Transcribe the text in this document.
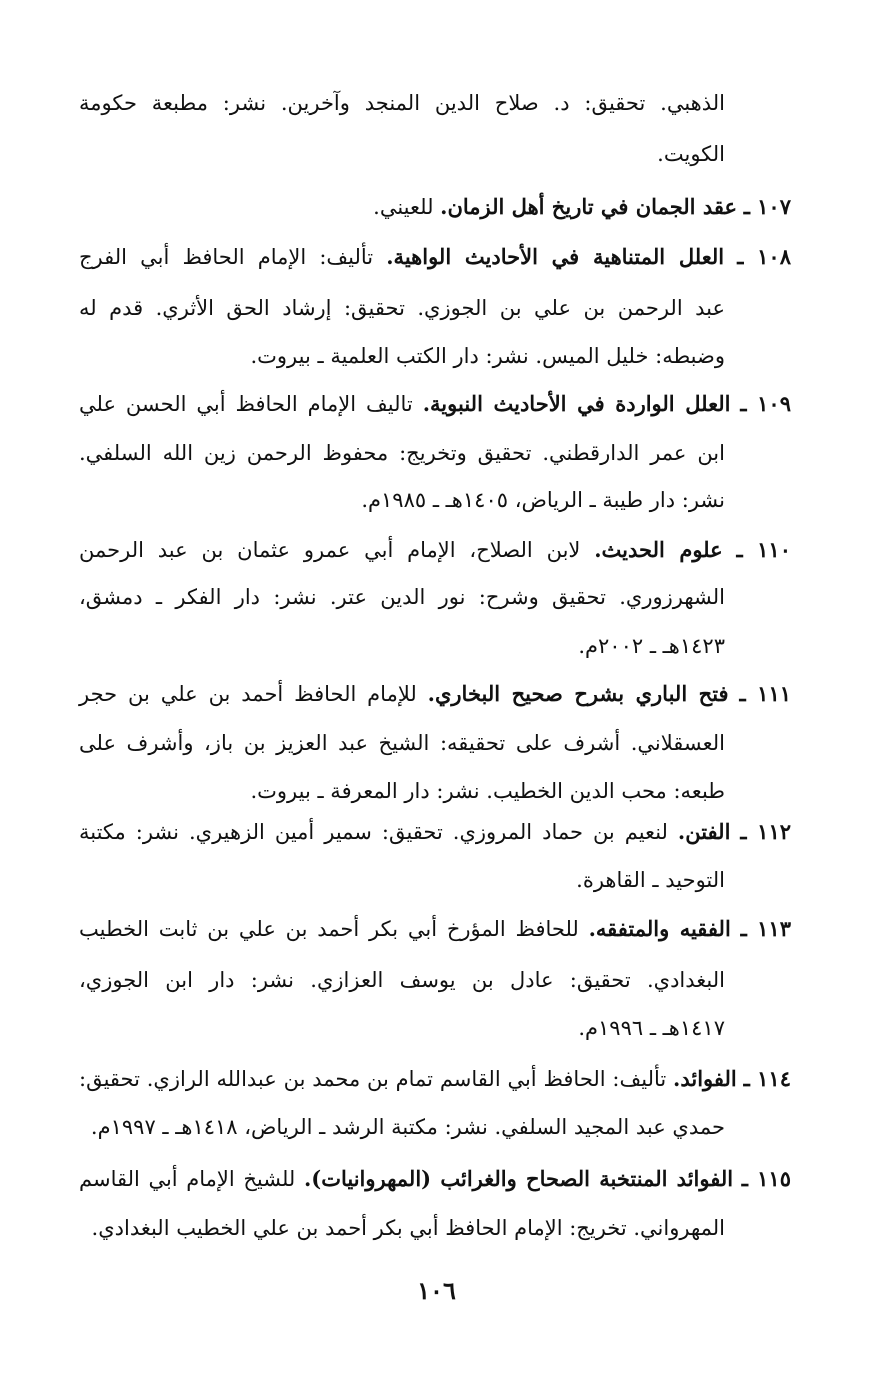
الذهبي. تحقيق: د. صلاح الدين المنجد وآخرين. نشر: مطبعة حكومة
الكويت.
١٠٧ ـ عقد الجمان في تاريخ أهل الزمان. للعيني.
١٠٨ ـ العلل المتناهية في الأحاديث الواهية. تأليف: الإمام الحافظ أبي الفرج
عبد الرحمن بن علي بن الجوزي. تحقيق: إرشاد الحق الأثري. قدم له
وضبطه: خليل الميس. نشر: دار الكتب العلمية ـ بيروت.
١٠٩ ـ العلل الواردة في الأحاديث النبوية. تاليف الإمام الحافظ أبي الحسن علي
ابن عمر الدارقطني. تحقيق وتخريج: محفوظ الرحمن زين الله السلفي.
نشر: دار طيبة ـ الرياض، ١٤٠٥هـ ـ ١٩٨٥م.
١١٠ ـ علوم الحديث. لابن الصلاح، الإمام أبي عمرو عثمان بن عبد الرحمن
الشهرزوري. تحقيق وشرح: نور الدين عتر. نشر: دار الفكر ـ دمشق،
١٤٢٣هـ ـ ٢٠٠٢م.
١١١ ـ فتح الباري بشرح صحيح البخاري. للإمام الحافظ أحمد بن علي بن حجر
العسقلاني. أشرف على تحقيقه: الشيخ عبد العزيز بن باز، وأشرف على
طبعه: محب الدين الخطيب. نشر: دار المعرفة ـ بيروت.
١١٢ ـ الفتن. لنعيم بن حماد المروزي. تحقيق: سمير أمين الزهيري. نشر: مكتبة
التوحيد ـ القاهرة.
١١٣ ـ الفقيه والمتفقه. للحافظ المؤرخ أبي بكر أحمد بن علي بن ثابت الخطيب
البغدادي. تحقيق: عادل بن يوسف العزازي. نشر: دار ابن الجوزي،
١٤١٧هـ ـ ١٩٩٦م.
١١٤ ـ الفوائد. تأليف: الحافظ أبي القاسم تمام بن محمد بن عبدالله الرازي. تحقيق:
حمدي عبد المجيد السلفي. نشر: مكتبة الرشد ـ الرياض، ١٤١٨هـ ـ ١٩٩٧م.
١١٥ ـ الفوائد المنتخبة الصحاح والغرائب (المهروانيات). للشيخ الإمام أبي القاسم
المهرواني. تخريج: الإمام الحافظ أبي بكر أحمد بن علي الخطيب البغدادي.
١٠٦
